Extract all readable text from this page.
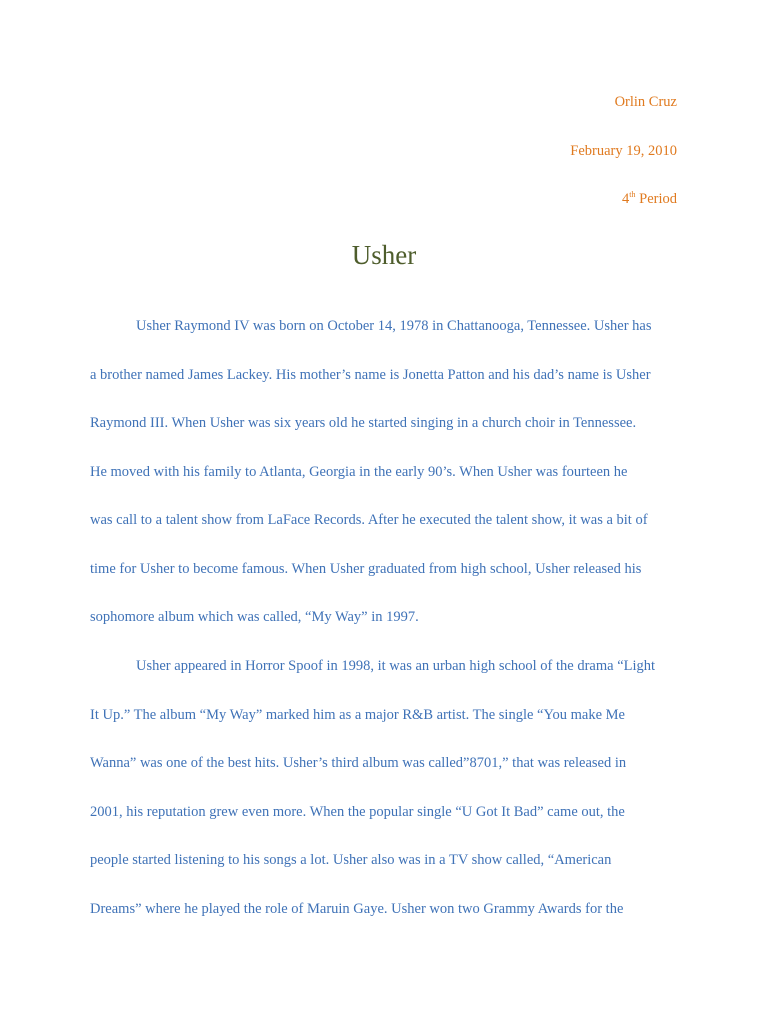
Orlin Cruz
February 19, 2010
4th Period
Usher
Usher Raymond IV was born on October 14, 1978 in Chattanooga, Tennessee. Usher has
a brother named James Lackey. His mother’s name is Jonetta Patton and his dad’s name is Usher
Raymond III. When Usher was six years old he started singing in a church choir in Tennessee.
He moved with his family to Atlanta, Georgia in the early 90’s. When Usher was fourteen he
was call to a talent show from LaFace Records. After he executed the talent show, it was a bit of
time for Usher to become famous. When Usher graduated from high school, Usher released his
sophomore album which was called, “My Way” in 1997.
Usher appeared in Horror Spoof in 1998, it was an urban high school of the drama “Light
It Up.” The album “My Way” marked him as a major R&B artist. The single “You make Me
Wanna” was one of the best hits. Usher’s third album was called”8701,” that was released in
2001, his reputation grew even more. When the popular single “U Got It Bad” came out, the
people started listening to his songs a lot. Usher also was in a TV show called, “American
Dreams” where he played the role of Maruin Gaye. Usher won two Grammy Awards for the
